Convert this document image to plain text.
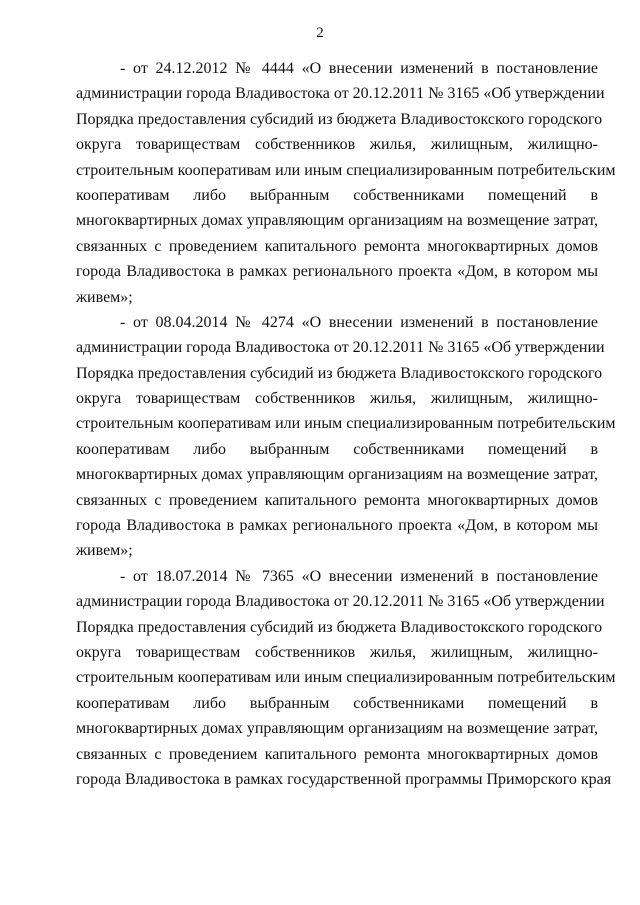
2
- от 24.12.2012 № 4444 «О внесении изменений в постановление
администрации города Владивостока от 20.12.2011 № 3165 «Об утверждении
Порядка предоставления субсидий из бюджета Владивостокского городского
округа товариществам собственников жилья, жилищным, жилищно-
строительным кооперативам или иным специализированным потребительским
кооперативам либо выбранным собственниками помещений в
многоквартирных домах управляющим организациям на возмещение затрат,
связанных с проведением капитального ремонта многоквартирных домов
города Владивостока в рамках регионального проекта «Дом, в котором мы
живем»;
- от 08.04.2014 № 4274 «О внесении изменений в постановление
администрации города Владивостока от 20.12.2011 № 3165 «Об утверждении
Порядка предоставления субсидий из бюджета Владивостокского городского
округа товариществам собственников жилья, жилищным, жилищно-
строительным кооперативам или иным специализированным потребительским
кооперативам либо выбранным собственниками помещений в
многоквартирных домах управляющим организациям на возмещение затрат,
связанных с проведением капитального ремонта многоквартирных домов
города Владивостока в рамках регионального проекта «Дом, в котором мы
живем»;
- от 18.07.2014 № 7365 «О внесении изменений в постановление
администрации города Владивостока от 20.12.2011 № 3165 «Об утверждении
Порядка предоставления субсидий из бюджета Владивостокского городского
округа товариществам собственников жилья, жилищным, жилищно-
строительным кооперативам или иным специализированным потребительским
кооперативам либо выбранным собственниками помещений в
многоквартирных домах управляющим организациям на возмещение затрат,
связанных с проведением капитального ремонта многоквартирных домов
города Владивостока в рамках государственной программы Приморского края
